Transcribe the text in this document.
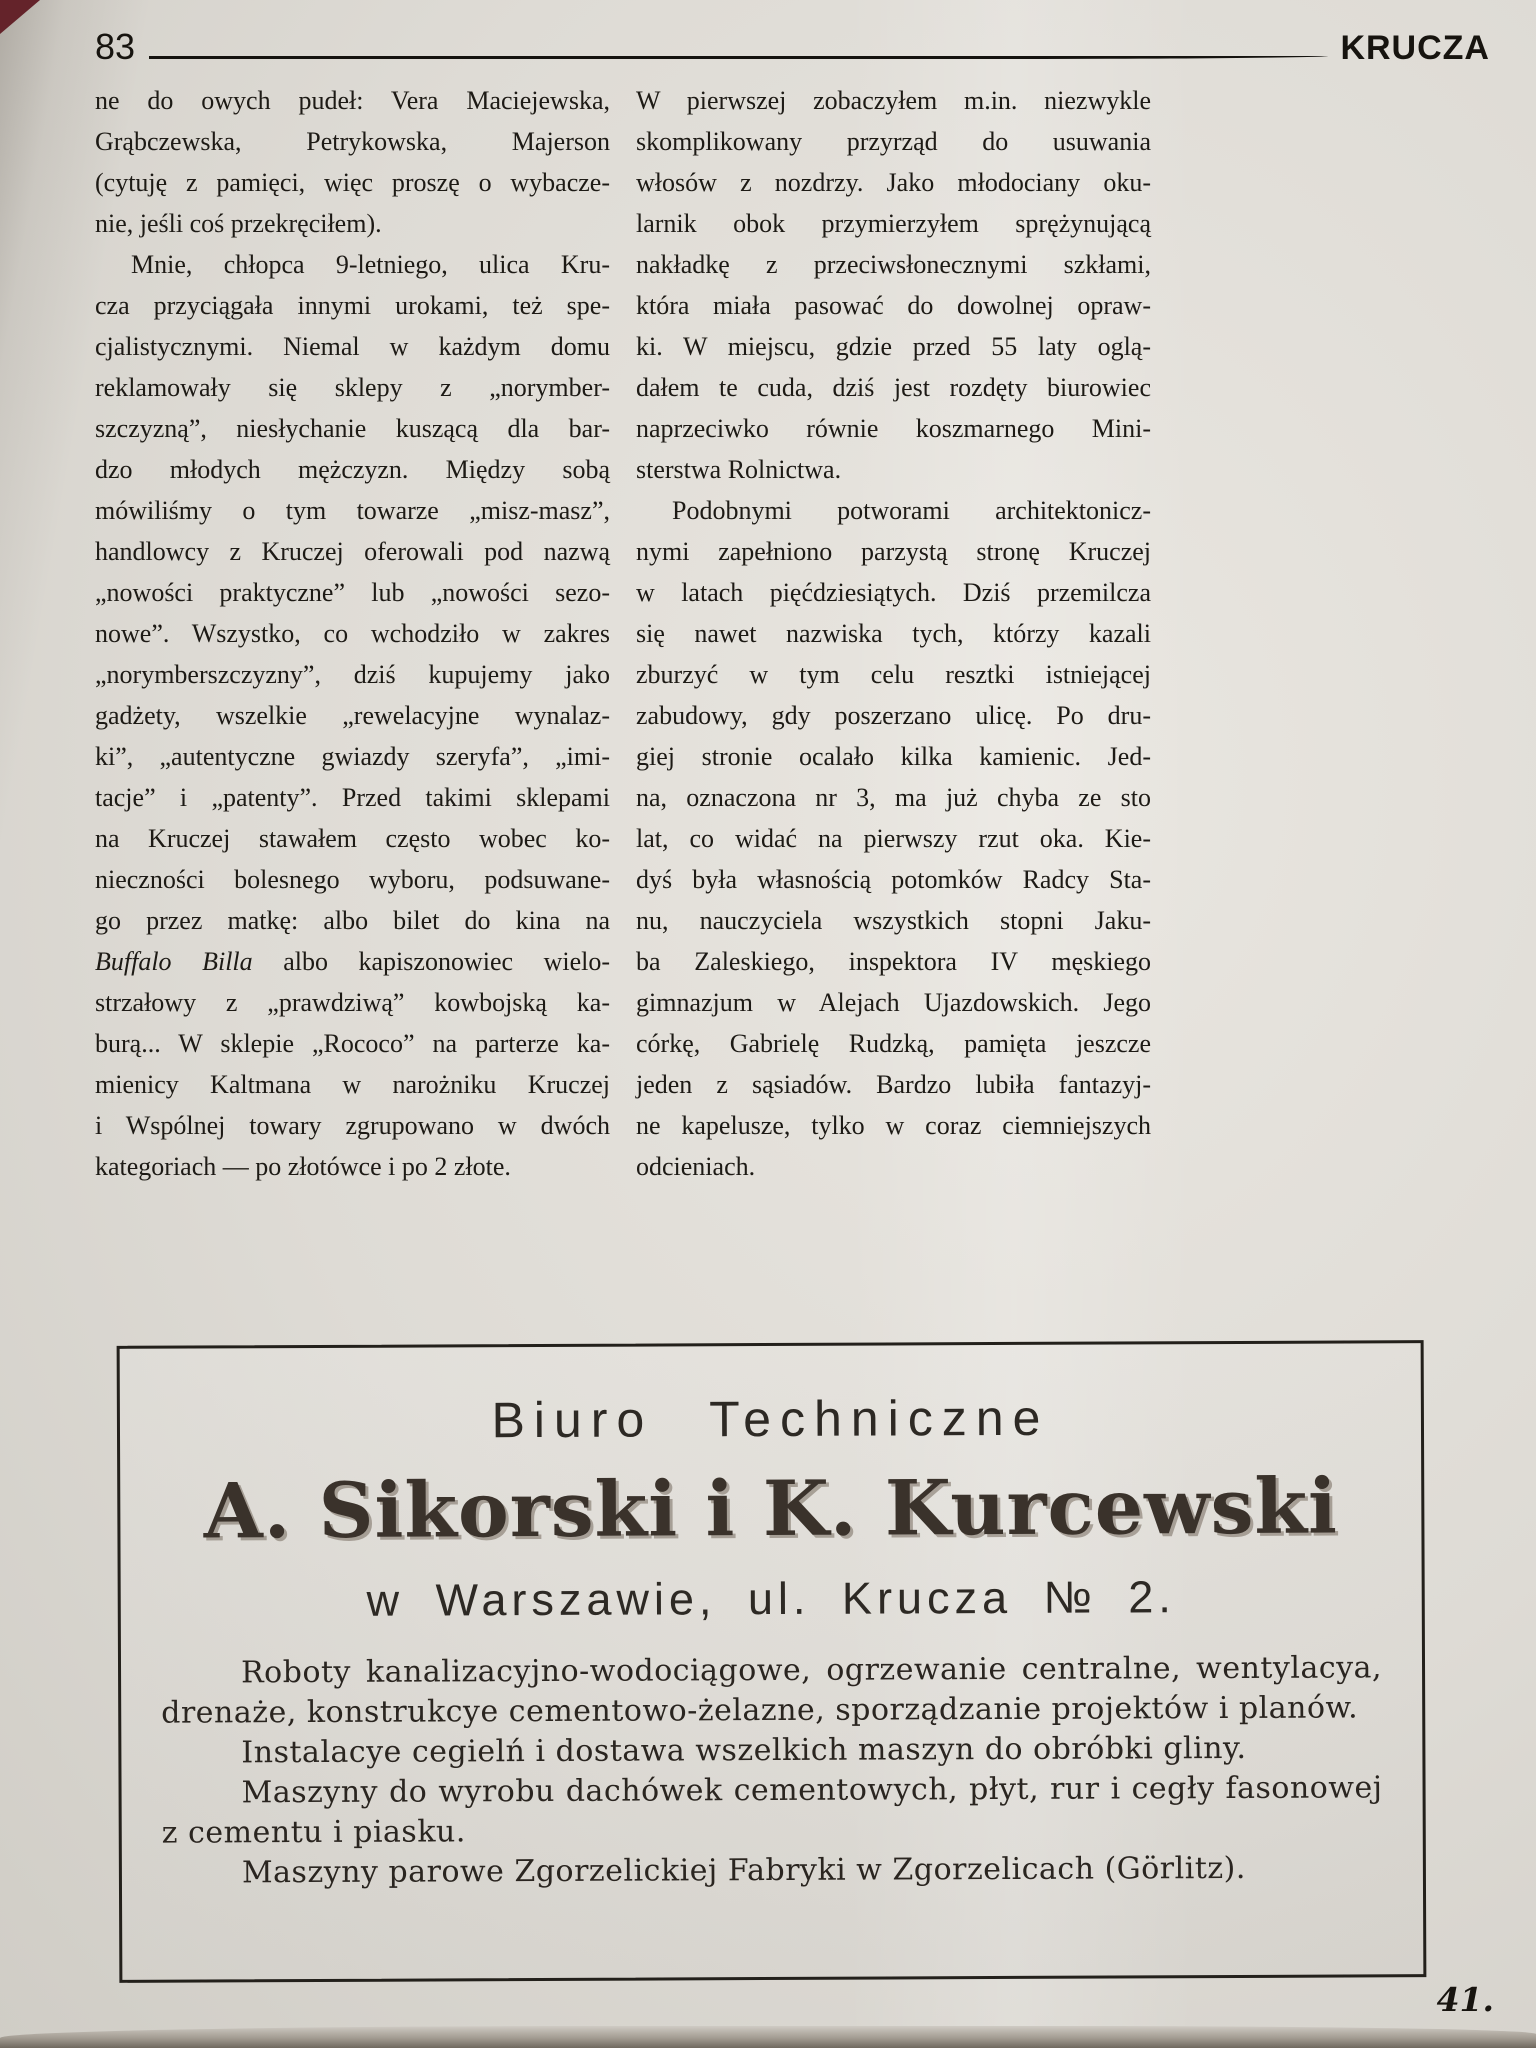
83	KRUCZA
ne do owych pudeł: Vera Maciejewska,
Grąbczewska, Petrykowska, Majerson
(cytuję z pamięci, więc proszę o wybacze-
nie, jeśli coś przekręciłem).
Mnie, chłopca 9-letniego, ulica Kru-
cza przyciągała innymi urokami, też spe-
cjalistycznymi. Niemal w każdym domu
reklamowały się sklepy z „norymber-
szczyzną”, niesłychanie kuszącą dla bar-
dzo młodych mężczyzn. Między sobą
mówiliśmy o tym towarze „misz-masz”,
handlowcy z Kruczej oferowali pod nazwą
„nowości praktyczne” lub „nowości sezo-
nowe”. Wszystko, co wchodziło w zakres
„norymberszczyzny”, dziś kupujemy jako
gadżety, wszelkie „rewelacyjne wynalaz-
ki”, „autentyczne gwiazdy szeryfa”, „imi-
tacje” i „patenty”. Przed takimi sklepami
na Kruczej stawałem często wobec ko-
nieczności bolesnego wyboru, podsuwane-
go przez matkę: albo bilet do kina na
Buffalo Billa albo kapiszonowiec wielo-
strzałowy z „prawdziwą” kowbojską ka-
burą... W sklepie „Rococo” na parterze ka-
mienicy Kaltmana w narożniku Kruczej
i Wspólnej towary zgrupowano w dwóch
kategoriach — po złotówce i po 2 złote.
W pierwszej zobaczyłem m.in. niezwykle
skomplikowany przyrząd do usuwania
włosów z nozdrzy. Jako młodociany oku-
larnik obok przymierzyłem sprężynującą
nakładkę z przeciwsłonecznymi szkłami,
która miała pasować do dowolnej opraw-
ki. W miejscu, gdzie przed 55 laty oglą-
dałem te cuda, dziś jest rozdęty biurowiec
naprzeciwko równie koszmarnego Mini-
sterstwa Rolnictwa.
Podobnymi potworami architektonicz-
nymi zapełniono parzystą stronę Kruczej
w latach pięćdziesiątych. Dziś przemilcza
się nawet nazwiska tych, którzy kazali
zburzyć w tym celu resztki istniejącej
zabudowy, gdy poszerzano ulicę. Po dru-
giej stronie ocalało kilka kamienic. Jed-
na, oznaczona nr 3, ma już chyba ze sto
lat, co widać na pierwszy rzut oka. Kie-
dyś była własnością potomków Radcy Sta-
nu, nauczyciela wszystkich stopni Jaku-
ba Zaleskiego, inspektora IV męskiego
gimnazjum w Alejach Ujazdowskich. Jego
córkę, Gabrielę Rudzką, pamięta jeszcze
jeden z sąsiadów. Bardzo lubiła fantazyj-
ne kapelusze, tylko w coraz ciemniejszych
odcieniach.
Biuro Techniczne
A. Sikorski i K. Kurcewski
w Warszawie, ul. Krucza № 2.

Roboty kanalizacyjno-wodociągowe, ogrzewanie centralne, wentylacya, drenaże, konstrukcye cementowo-żelazne, sporządzanie projektów i planów.

Instalacye cegielń i dostawa wszelkich maszyn do obróbki gliny.

Maszyny do wyrobu dachówek cementowych, płyt, rur i cegły fasonowej z cementu i piasku.

Maszyny parowe Zgorzelickiej Fabryki w Zgorzelicach (Görlitz).

41.
